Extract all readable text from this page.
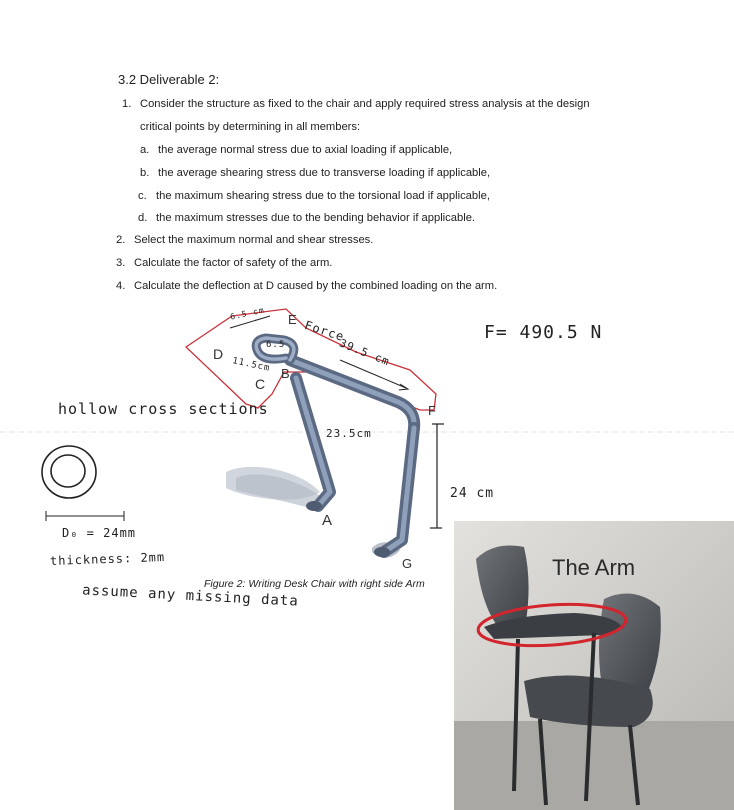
3.2 Deliverable 2:
1. Consider the structure as fixed to the chair and apply required stress analysis at the design
critical points by determining in all members:
a. the average normal stress due to axial loading if applicable,
b. the average shearing stress due to transverse loading if applicable,
c. the maximum shearing stress due to the torsional load if applicable,
d. the maximum stresses due to the bending behavior if applicable.
2. Select the maximum normal and shear stresses.
3. Calculate the factor of safety of the arm.
4. Calculate the deflection at D caused by the combined loading on the arm.
6.5 cm
6.5
11.5cm
Force
39.5 cm
23.5cm
24 cm
F= 490.5 N
D
C
B
E
F
A
G
Figure 2: Writing Desk Chair with right side Arm
hollow cross sections
D₀ = 24mm
thickness: 2mm
assume any missing data
The Arm
